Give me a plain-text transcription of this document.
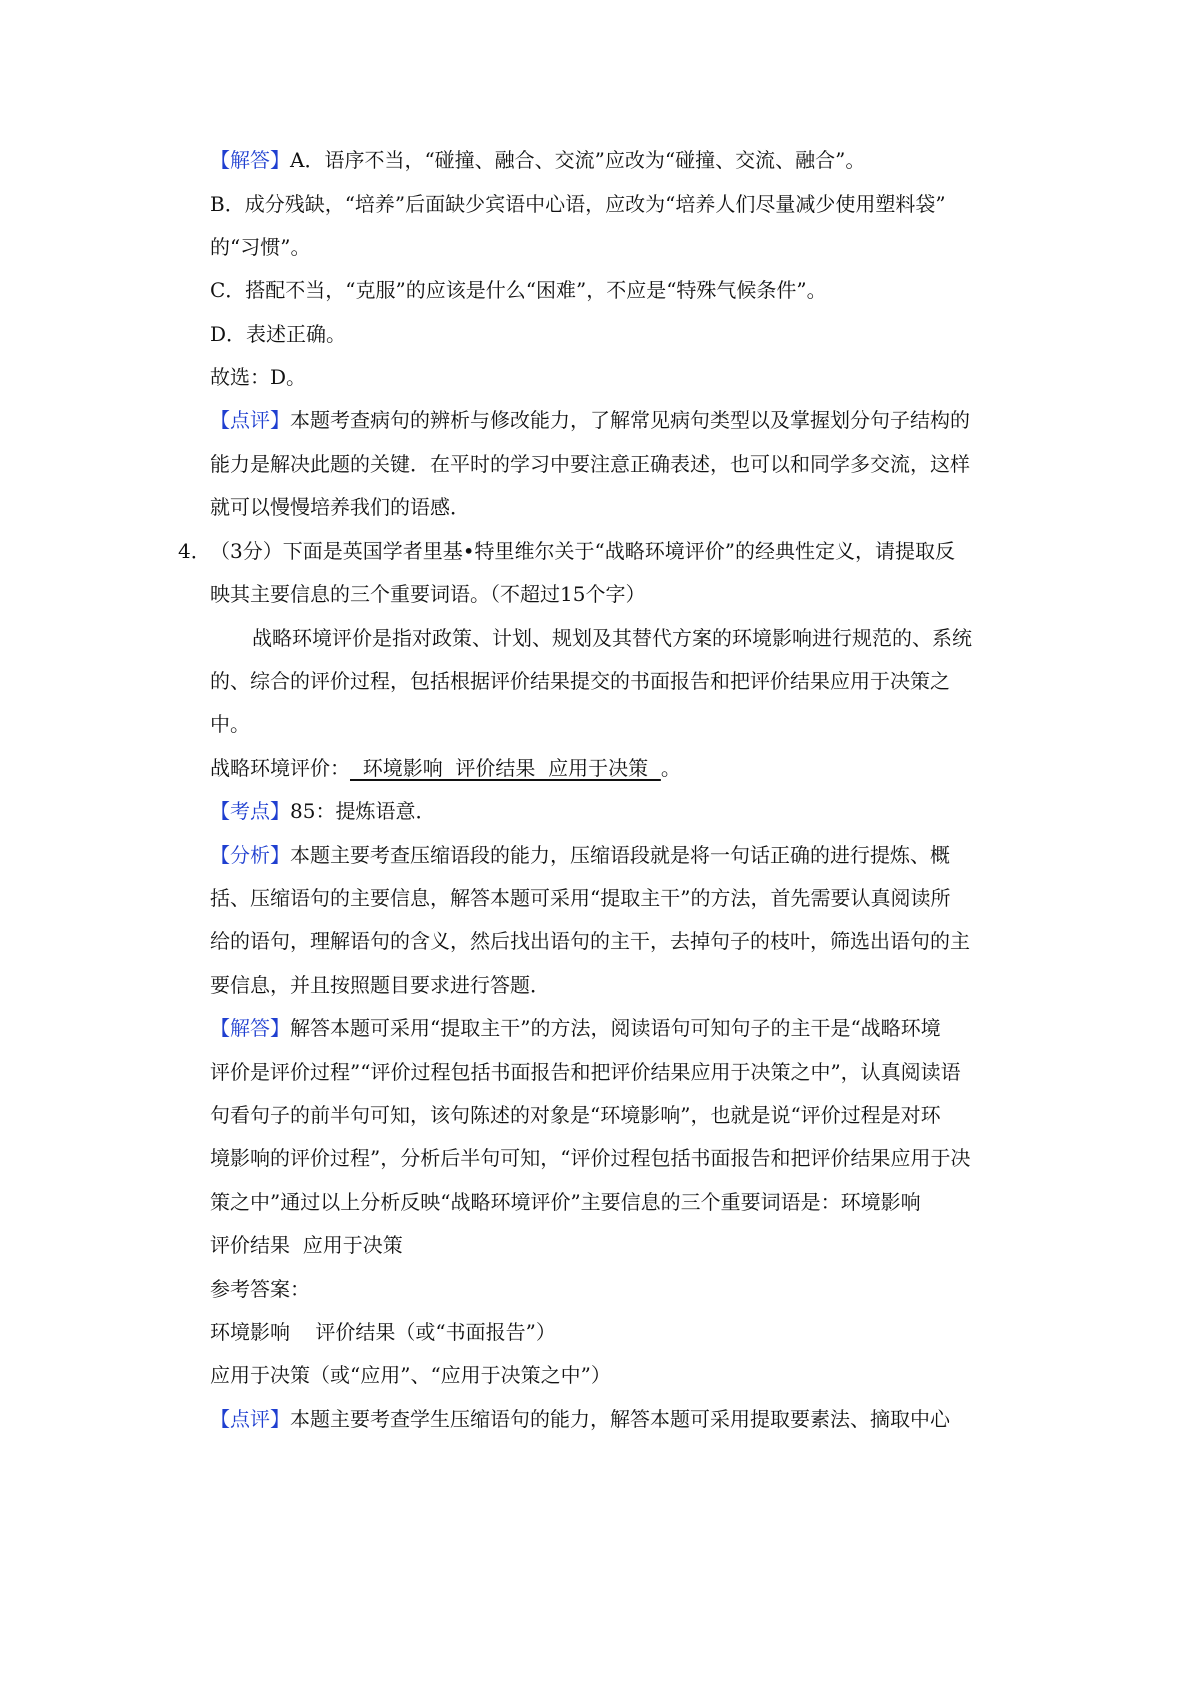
【解答】A．语序不当，“碰撞、融合、交流”应改为“碰撞、交流、融合”。
B．成分残缺，“培养”后面缺少宾语中心语，应改为“培养人们尽量减少使用塑料袋”
的“习惯”。
C．搭配不当，“克服”的应该是什么“困难”，不应是“特殊气候条件”。
D．表述正确。
故选：D。
【点评】本题考查病句的辨析与修改能力，了解常见病句类型以及掌握划分句子结构的
能力是解决此题的关键．在平时的学习中要注意正确表述，也可以和同学多交流，这样
就可以慢慢培养我们的语感．
4． （3分）下面是英国学者里基•特里维尔关于“战略环境评价”的经典性定义，请提取反
映其主要信息的三个重要词语。（不超过15个字）
战略环境评价是指对政策、计划、规划及其替代方案的环境影响进行规范的、系统
的、综合的评价过程，包括根据评价结果提交的书面报告和把评价结果应用于决策之
中。
战略环境评价：  环境影响  评价结果  应用于决策  。
【考点】85：提炼语意．
【分析】本题主要考查压缩语段的能力，压缩语段就是将一句话正确的进行提炼、概
括、压缩语句的主要信息，解答本题可采用“提取主干”的方法，首先需要认真阅读所
给的语句，理解语句的含义，然后找出语句的主干，去掉句子的枝叶，筛选出语句的主
要信息，并且按照题目要求进行答题．
【解答】解答本题可采用“提取主干”的方法，阅读语句可知句子的主干是“战略环境
评价是评价过程”“评价过程包括书面报告和把评价结果应用于决策之中”，认真阅读语
句看句子的前半句可知，该句陈述的对象是“环境影响”，也就是说“评价过程是对环
境影响的评价过程”，分析后半句可知，“评价过程包括书面报告和把评价结果应用于决
策之中”通过以上分析反映“战略环境评价”主要信息的三个重要词语是：环境影响
评价结果  应用于决策
参考答案：
环境影响    评价结果（或“书面报告”）
应用于决策（或“应用”、“应用于决策之中”）
【点评】本题主要考查学生压缩语句的能力，解答本题可采用提取要素法、摘取中心
